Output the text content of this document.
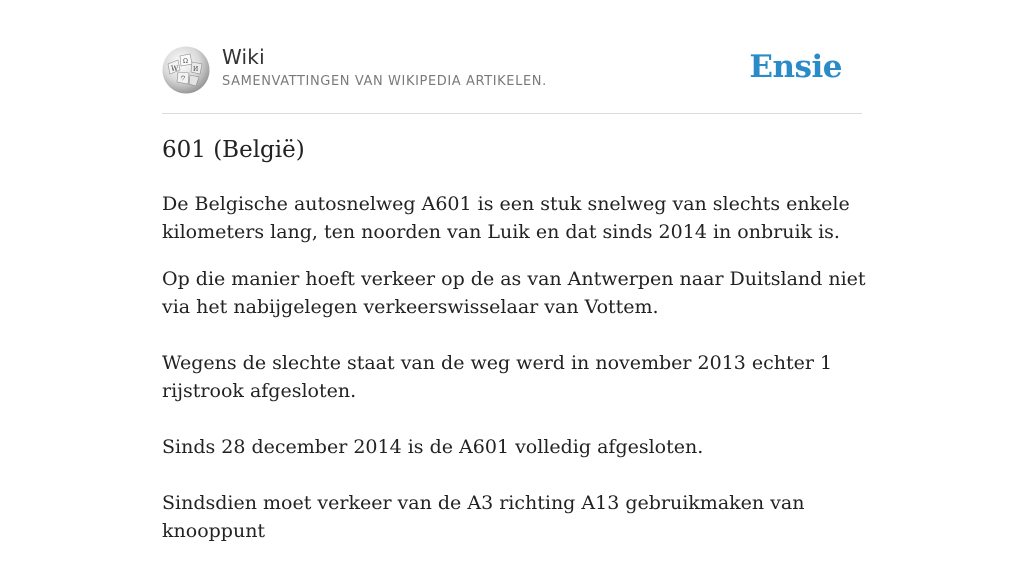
W
Ω
И
ウ
Wiki
SAMENVATTINGEN VAN WIKIPEDIA ARTIKELEN.	Ensie
601 (België)

De Belgische autosnelweg A601 is een stuk snelweg van slechts enkele kilometers lang, ten noorden van Luik en dat sinds 2014 in onbruik is.

Op die manier hoeft verkeer op de as van Antwerpen naar Duitsland niet via het nabijgelegen verkeerswisselaar van Vottem.

Wegens de slechte staat van de weg werd in november 2013 echter 1 rijstrook afgesloten.

Sinds 28 december 2014 is de A601 volledig afgesloten.

Sindsdien moet verkeer van de A3 richting A13 gebruikmaken van knooppunt
